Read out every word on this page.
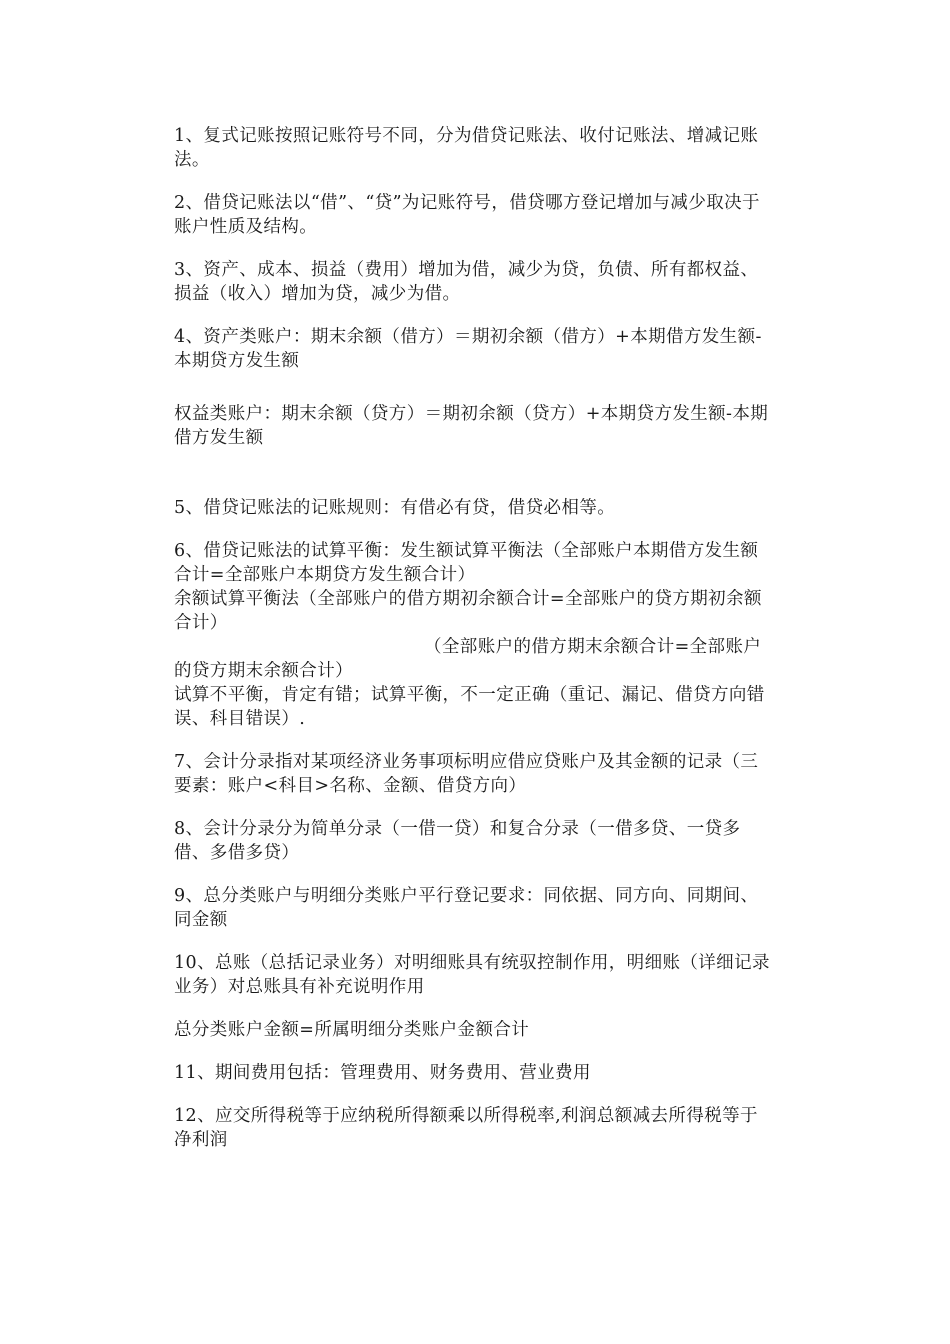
1、复式记账按照记账符号不同，分为借贷记账法、收付记账法、增减记账法。

2、借贷记账法以“借”、“贷”为记账符号，借贷哪方登记增加与减少取决于账户性质及结构。

3、资产、成本、损益（费用）增加为借，减少为贷，负债、所有都权益、损益（收入）增加为贷，减少为借。

4、资产类账户：期末余额（借方）＝期初余额（借方）+本期借方发生额-本期贷方发生额

权益类账户：期末余额（贷方）＝期初余额（贷方）+本期贷方发生额-本期借方发生额

5、借贷记账法的记账规则：有借必有贷，借贷必相等。

6、借贷记账法的试算平衡：发生额试算平衡法（全部账户本期借方发生额合计=全部账户本期贷方发生额合计）

余额试算平衡法（全部账户的借方期初余额合计=全部账户的贷方期初余额合计）

（全部账户的借方期末余额合计=全部账户的贷方期末余额合计）

试算不平衡，肯定有错；试算平衡，不一定正确（重记、漏记、借贷方向错误、科目错误）.

7、会计分录指对某项经济业务事项标明应借应贷账户及其金额的记录（三要素：账户<科目>名称、金额、借贷方向）

8、会计分录分为简单分录（一借一贷）和复合分录（一借多贷、一贷多借、多借多贷）

9、总分类账户与明细分类账户平行登记要求：同依据、同方向、同期间、同金额

10、总账（总括记录业务）对明细账具有统驭控制作用，明细账（详细记录业务）对总账具有补充说明作用

总分类账户金额=所属明细分类账户金额合计

11、期间费用包括：管理费用、财务费用、营业费用

12、应交所得税等于应纳税所得额乘以所得税率,利润总额减去所得税等于净利润
